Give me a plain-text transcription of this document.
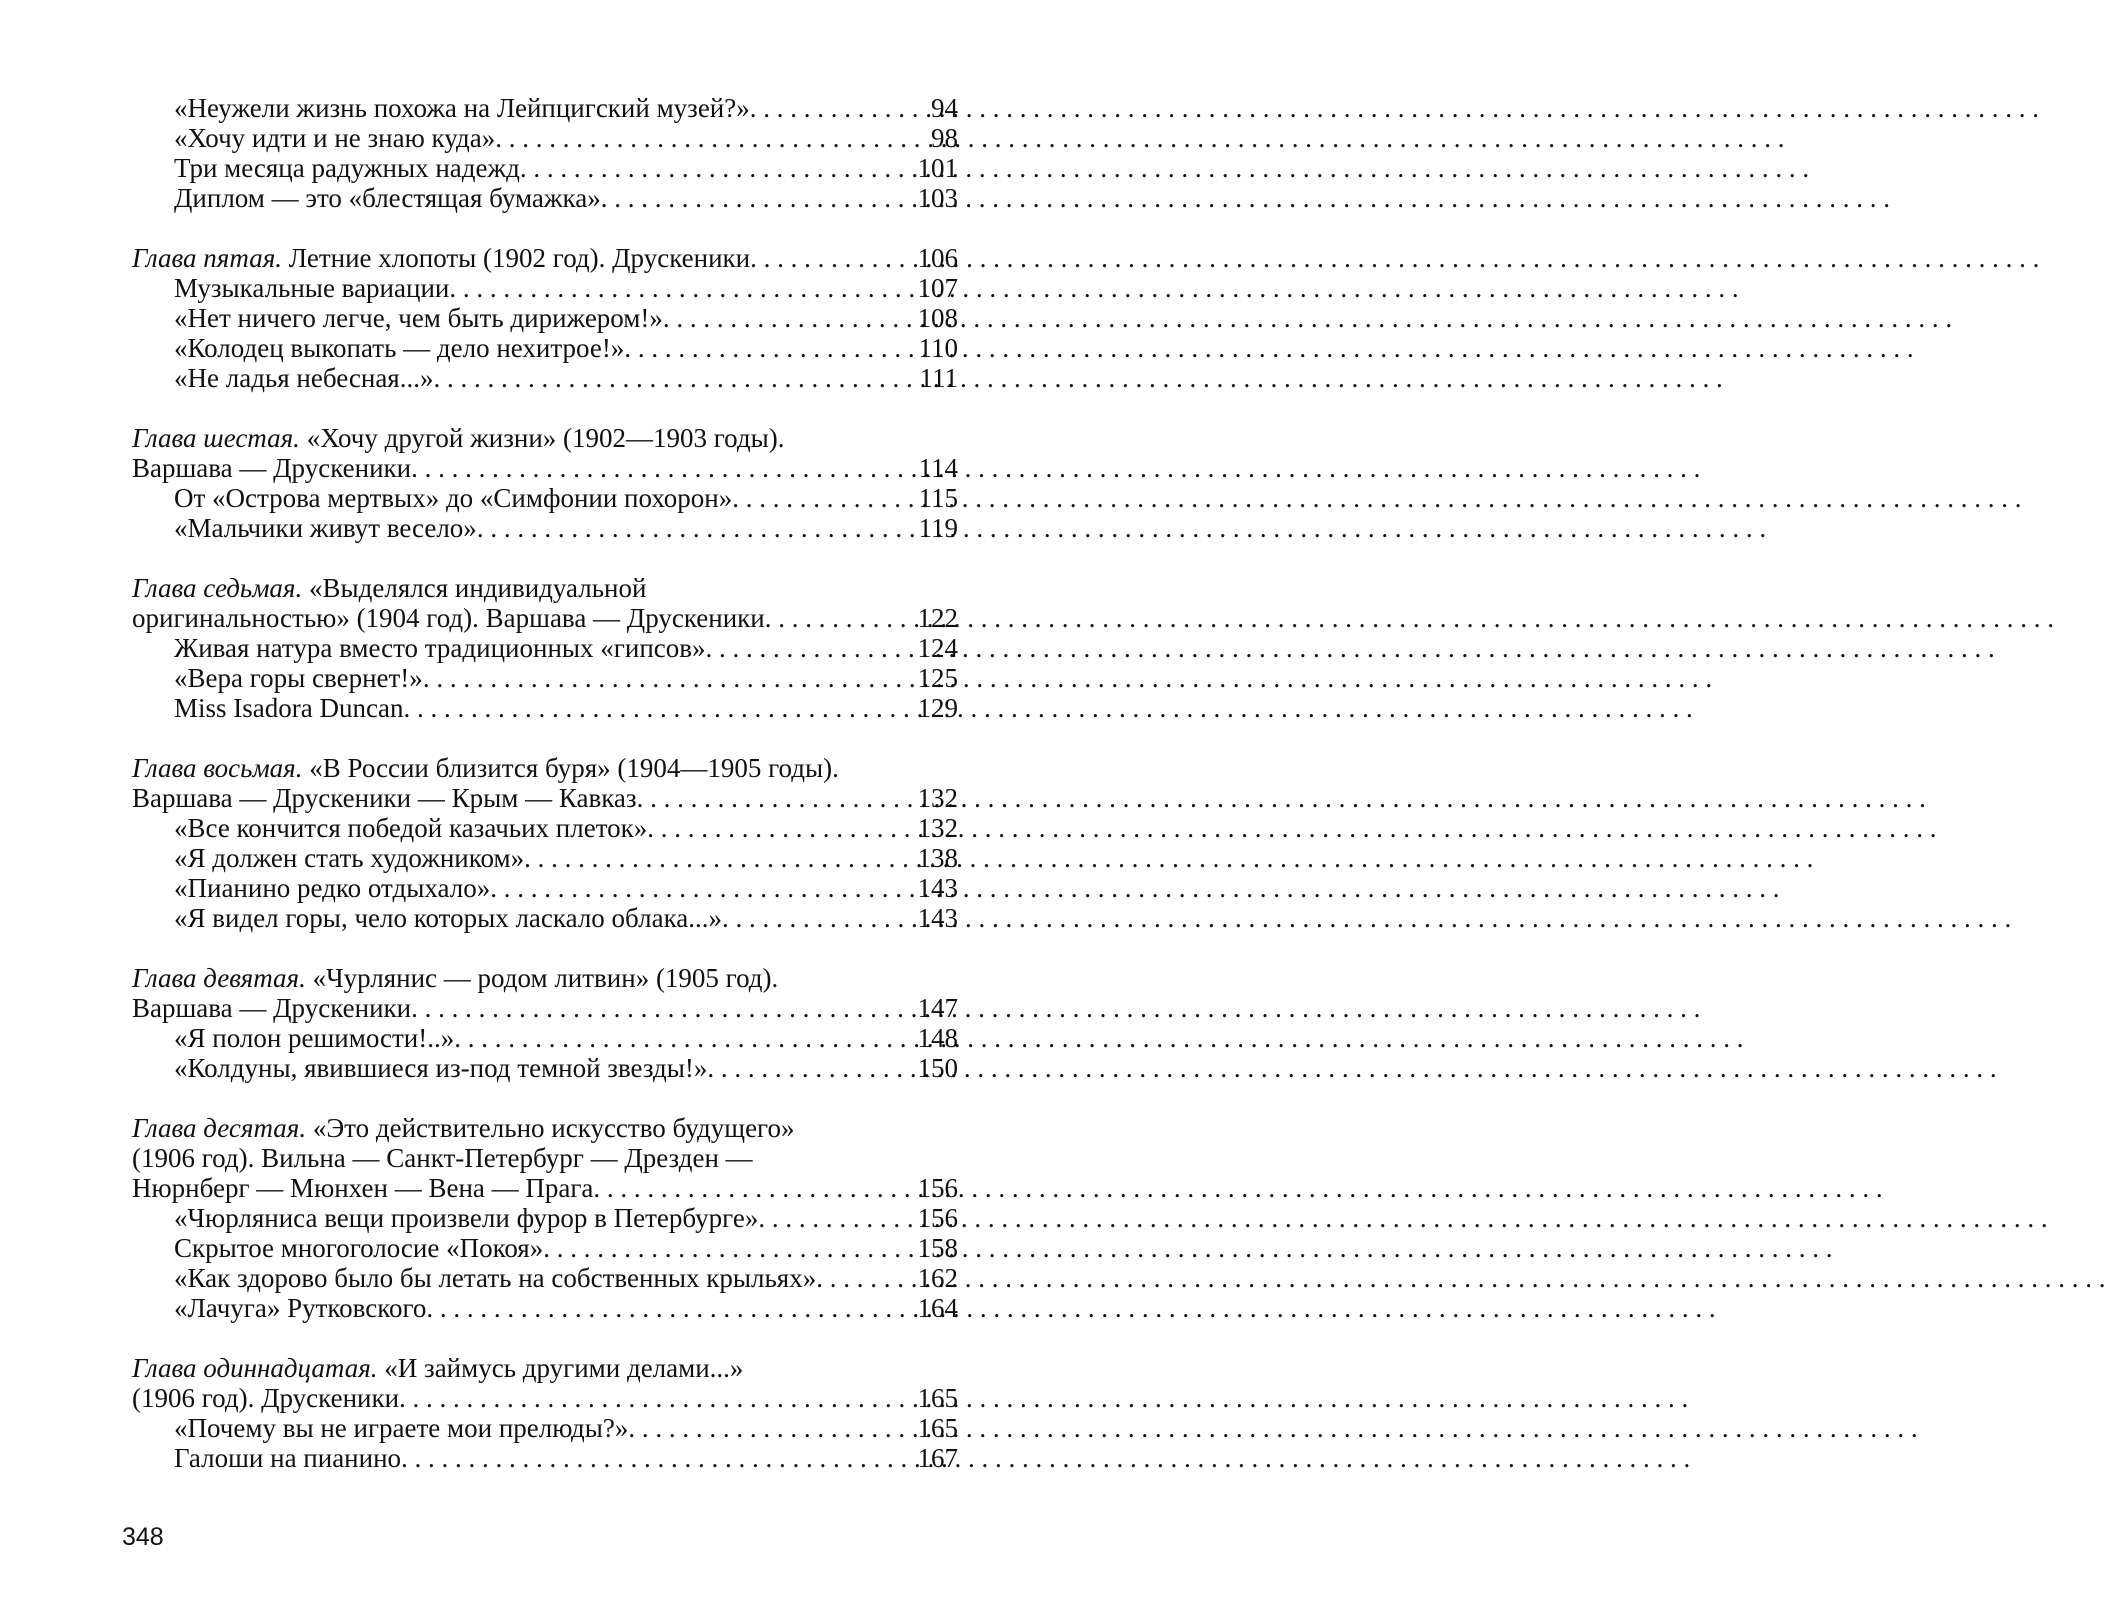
«Неужели жизнь похожа на Лейпцигский музей?» . . .	94
«Хочу идти и не знаю куда» . . .	98
Три месяца радужных надежд . . .	101
Диплом — это «блестящая бумажка» . . .	103
Глава пятая. Летние хлопоты (1902 год). Друскеники . . .	106
Музыкальные вариации . . .	107
«Нет ничего легче, чем быть дирижером!» . . .	108
«Колодец выкопать — дело нехитрое!» . . .	110
«Не ладья небесная...» . . .	111
Глава шестая. «Хочу другой жизни» (1902—1903 годы).
Варшава — Друскеники . . .	114
От «Острова мертвых» до «Симфонии похорон» . . .	115
«Мальчики живут весело» . . .	119
Глава седьмая. «Выделялся индивидуальной
оригинальностью» (1904 год). Варшава — Друскеники . . .	122
Живая натура вместо традиционных «гипсов» . . .	124
«Вера горы свернет!» . . .	125
Miss Isadora Duncan . . .	129
Глава восьмая. «В России близится буря» (1904—1905 годы).
Варшава — Друскеники — Крым — Кавказ . . .	132
«Все кончится победой казачьих плеток» . . .	132
«Я должен стать художником» . . .	138
«Пианино редко отдыхало» . . .	143
«Я видел горы, чело которых ласкало облака...» . . .	143
Глава девятая. «Чурлянис — родом литвин» (1905 год).
Варшава — Друскеники . . .	147
«Я полон решимости!..» . . .	148
«Колдуны, явившиеся из-под темной звезды!» . . .	150
Глава десятая. «Это действительно искусство будущего»
(1906 год). Вильна — Санкт-Петербург — Дрезден —
Нюрнберг — Мюнхен — Вена — Прага . . .	156
«Чюрляниса вещи произвели фурор в Петербурге» . . .	156
Скрытое многоголосие «Покоя» . . .	158
«Как здорово было бы летать на собственных крыльях» . . .	162
«Лачуга» Рутковского . . .	164
Глава одиннадцатая. «И займусь другими делами...»
(1906 год). Друскеники . . .	165
«Почему вы не играете мои прелюды?» . . .	165
Галоши на пианино . . .	167
348
